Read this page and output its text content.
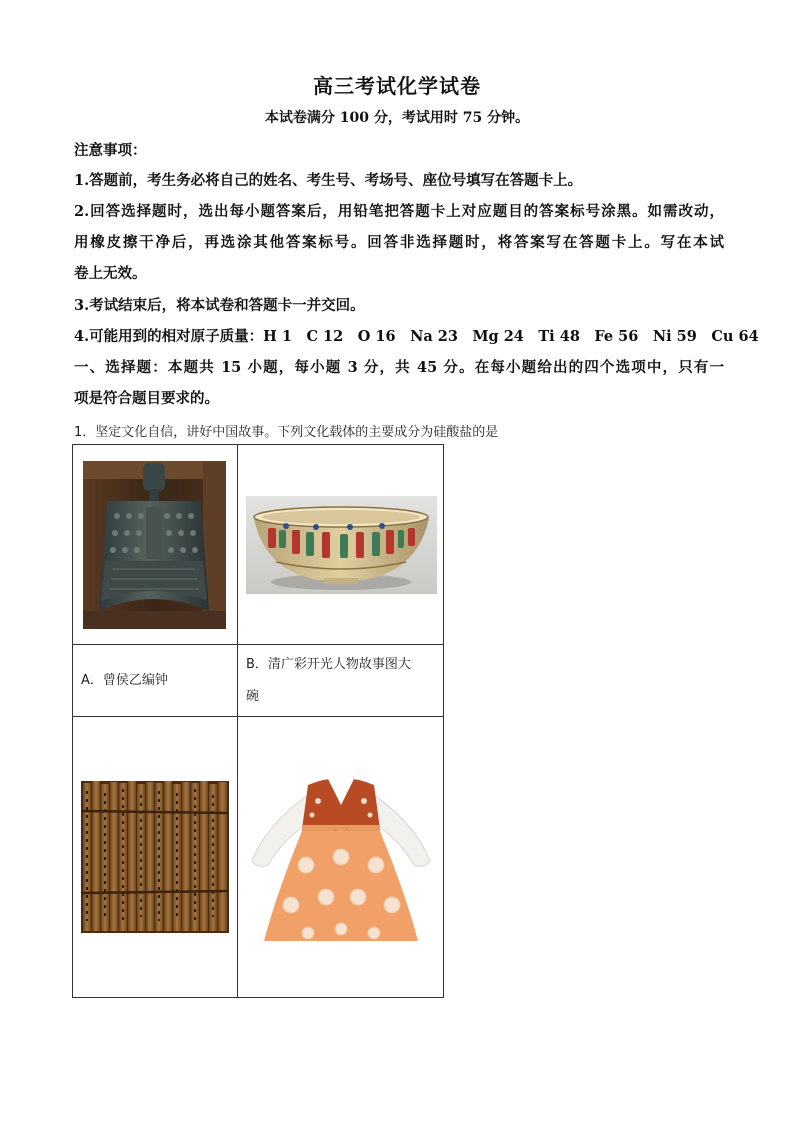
高三考试化学试卷
本试卷满分 100 分，考试用时 75 分钟。
注意事项：
1.答题前，考生务必将自己的姓名、考生号、考场号、座位号填写在答题卡上。
2.回答选择题时，选出每小题答案后，用铅笔把答题卡上对应题目的答案标号涂黑。如需改动，
用橡皮擦干净后，再选涂其他答案标号。回答非选择题时，将答案写在答题卡上。写在本试
卷上无效。
3.考试结束后，将本试卷和答题卡一并交回。
4.可能用到的相对原子质量：H 1　C 12　O 16　Na 23　Mg 24　Ti 48　Fe 56　Ni 59　Cu 64
一、选择题：本题共 15 小题，每小题 3 分，共 45 分。在每小题给出的四个选项中，只有一
项是符合题目要求的。
1．坚定文化自信，讲好中国故事。下列文化载体的主要成分为硅酸盐的是

A．曾侯乙编钟	B．清广彩开光人物故事图大
碗
